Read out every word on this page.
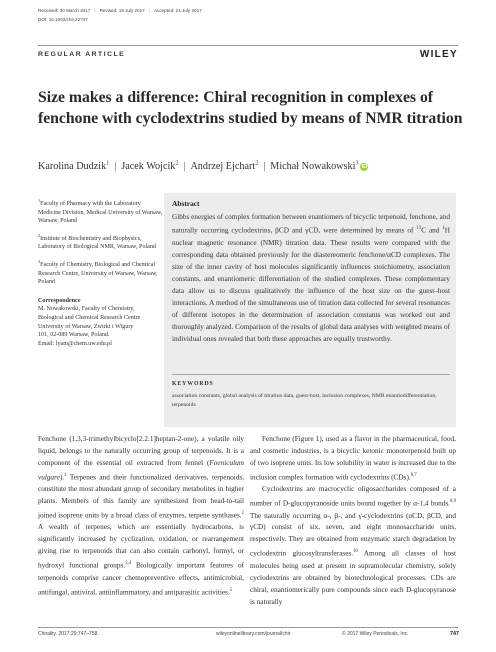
Received: 30 March 2017 | Revised: 19 July 2017 | Accepted: 21 July 2017
DOI: 10.1002/chir.22747
REGULAR ARTICLE	WILEY
Size makes a difference: Chiral recognition in complexes of fenchone with cyclodextrins studied by means of NMR titration
Karolina Dudzik$^1$ | Jacek Wojcik$^2$ | Andrzej Ejchart$^2$ | Michał Nowakowski$^3$iD
$^1$Faculty of Pharmacy with the Laboratory Medicine Division, Medical University of Warsaw, Warsaw, Poland
$^2$Institute of Biochemistry and Biophysics, Laboratory of Biological NMR, Warsaw, Poland
$^3$Faculty of Chemistry, Biological and Chemical Research Centre, University of Warsaw, Warsaw, Poland
Correspondence
M. Nowakowski, Faculty of Chemistry,
Biological and Chemical Research Centre
University of Warsaw, Zwirki i Wigury
101, 02-089 Warsaw, Poland.
Email: lyam@chem.uw.edu.pl
Abstract
Gibbs energies of complex formation between enantiomers of bicyclic terpenoid, fenchone, and naturally occurring cyclodextrins, βCD and γCD, were determined by means of $^{13}$C and $^1$H nuclear magnetic resonance (NMR) titration data. These results were compared with the corresponding data obtained previously for the diastereomeric fenchone/αCD complexes. The size of the inner cavity of host molecules significantly influences stoichiometry, association constants, and enantiomeric differentiation of the studied complexes. These complementary data allow us to discuss qualitatively the influence of the host size on the guest–host interactions. A method of the simultaneous use of titration data collected for several resonances of different isotopes in the determination of association constants was worked out and thoroughly analyzed. Comparison of the results of global data analyses with weighted means of individual ones revealed that both these approaches are equally trustworthy.
KEYWORDS
association constants, global analysis of titration data, guest-host, inclusion complexes, NMR enantiodifferentiation, terpenoids

Fenchone (1,3,3-trimethylbicyclo[2.2.1]heptan-2-one), a volatile oily liquid, belongs to the naturally occurring group of terpenoids. It is a component of the essential oil extracted from fennel (Foeniculum vulgare).$^1$ Terpenes and their functionalized derivatives, terpenoids, constitute the most abundant group of secondary metabolites in higher plants. Members of this family are synthesized from head-to-tail joined isoprene units by a broad class of enzymes, terpene synthases.$^2$ A wealth of terpenes, which are essentially hydrocarbons, is significantly increased by cyclization, oxidation, or rearrangement giving rise to terpenoids that can also contain carbonyl, formyl, or hydroxyl functional groups.$^{3,4}$ Biologically important features of terpenoids comprise cancer chemopreventive effects, antimicrobial, antifungal, antiviral, antiinflammatory, and antiparasitic activities.$^5$

Fenchone (Figure 1), used as a flavor in the pharmaceutical, food, and cosmetic industries, is a bicyclic ketonic monoterpenoid built up of two isoprene units. Its low solubility in water is increased due to the inclusion complex formation with cyclodextrins (CDs).$^{6,7}$

Cyclodextrins are macrocyclic oligosaccharides composed of a number of D-glucopyranoside units bound together by α-1,4 bonds.$^{8,9}$ The naturally occurring α-, β-, and γ-cyclodextrins (αCD, βCD, and γCD) consist of six, seven, and eight monosaccharide units, respectively. They are obtained from enzymatic starch degradation by cyclodextrin glucosyltransferases.$^{10}$ Among all classes of host molecules being used at present in supramolecular chemistry, solely cyclodextrins are obtained by biotechnological processes. CDs are chiral, enantiomerically pure compounds since each D-glucopyranose is naturally

Chirality. 2017;29:747–758.	wileyonlinelibrary.com/journal/chir	© 2017 Wiley Periodicals, Inc.	747
